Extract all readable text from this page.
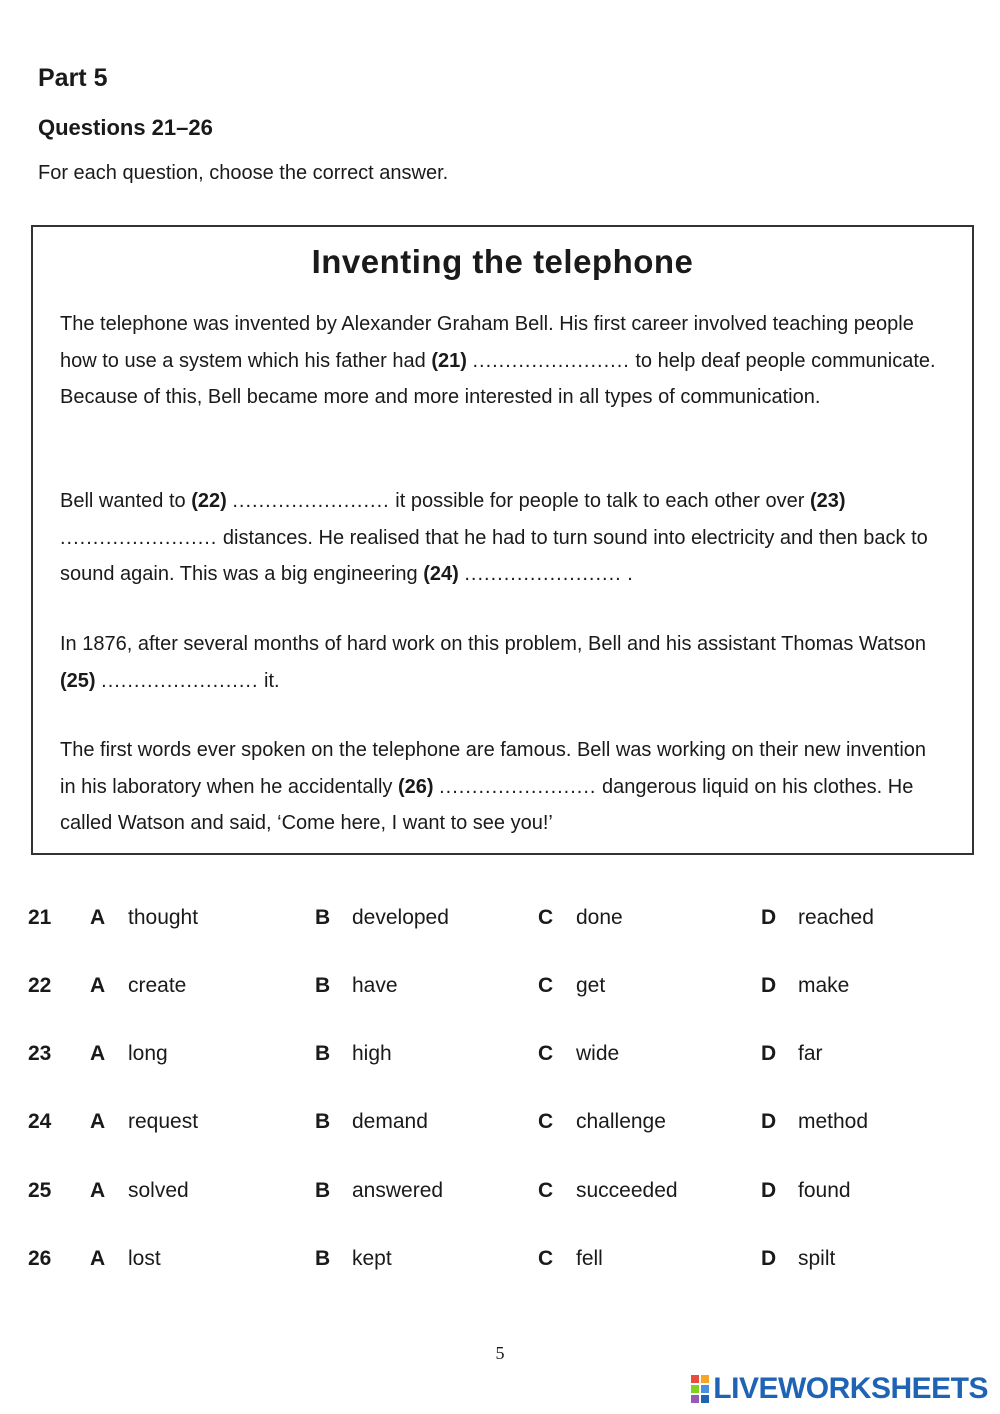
Part 5
Questions 21–26
For each question, choose the correct answer.
Inventing the telephone

The telephone was invented by Alexander Graham Bell. His first career involved teaching people how to use a system which his father had (21) ........................ to help deaf people communicate. Because of this, Bell became more and more interested in all types of communication.

Bell wanted to (22) ........................ it possible for people to talk to each other over (23) ........................ distances. He realised that he had to turn sound into electricity and then back to sound again. This was a big engineering (24) ........................ .

In 1876, after several months of hard work on this problem, Bell and his assistant Thomas Watson (25) ........................ it.

The first words ever spoken on the telephone are famous. Bell was working on their new invention in his laboratory when he accidentally (26) ........................ dangerous liquid on his clothes. He called Watson and said, ‘Come here, I want to see you!’

21 A thought	B developed	C done	D reached
22 A create	B have	C get	D make
23 A long	B high	C wide	D far
24 A request	B demand	C challenge	D method
25 A solved	B answered	C succeeded	D found
26 A lost	B kept	C fell	D spilt
5
LIVEWORKSHEETS
